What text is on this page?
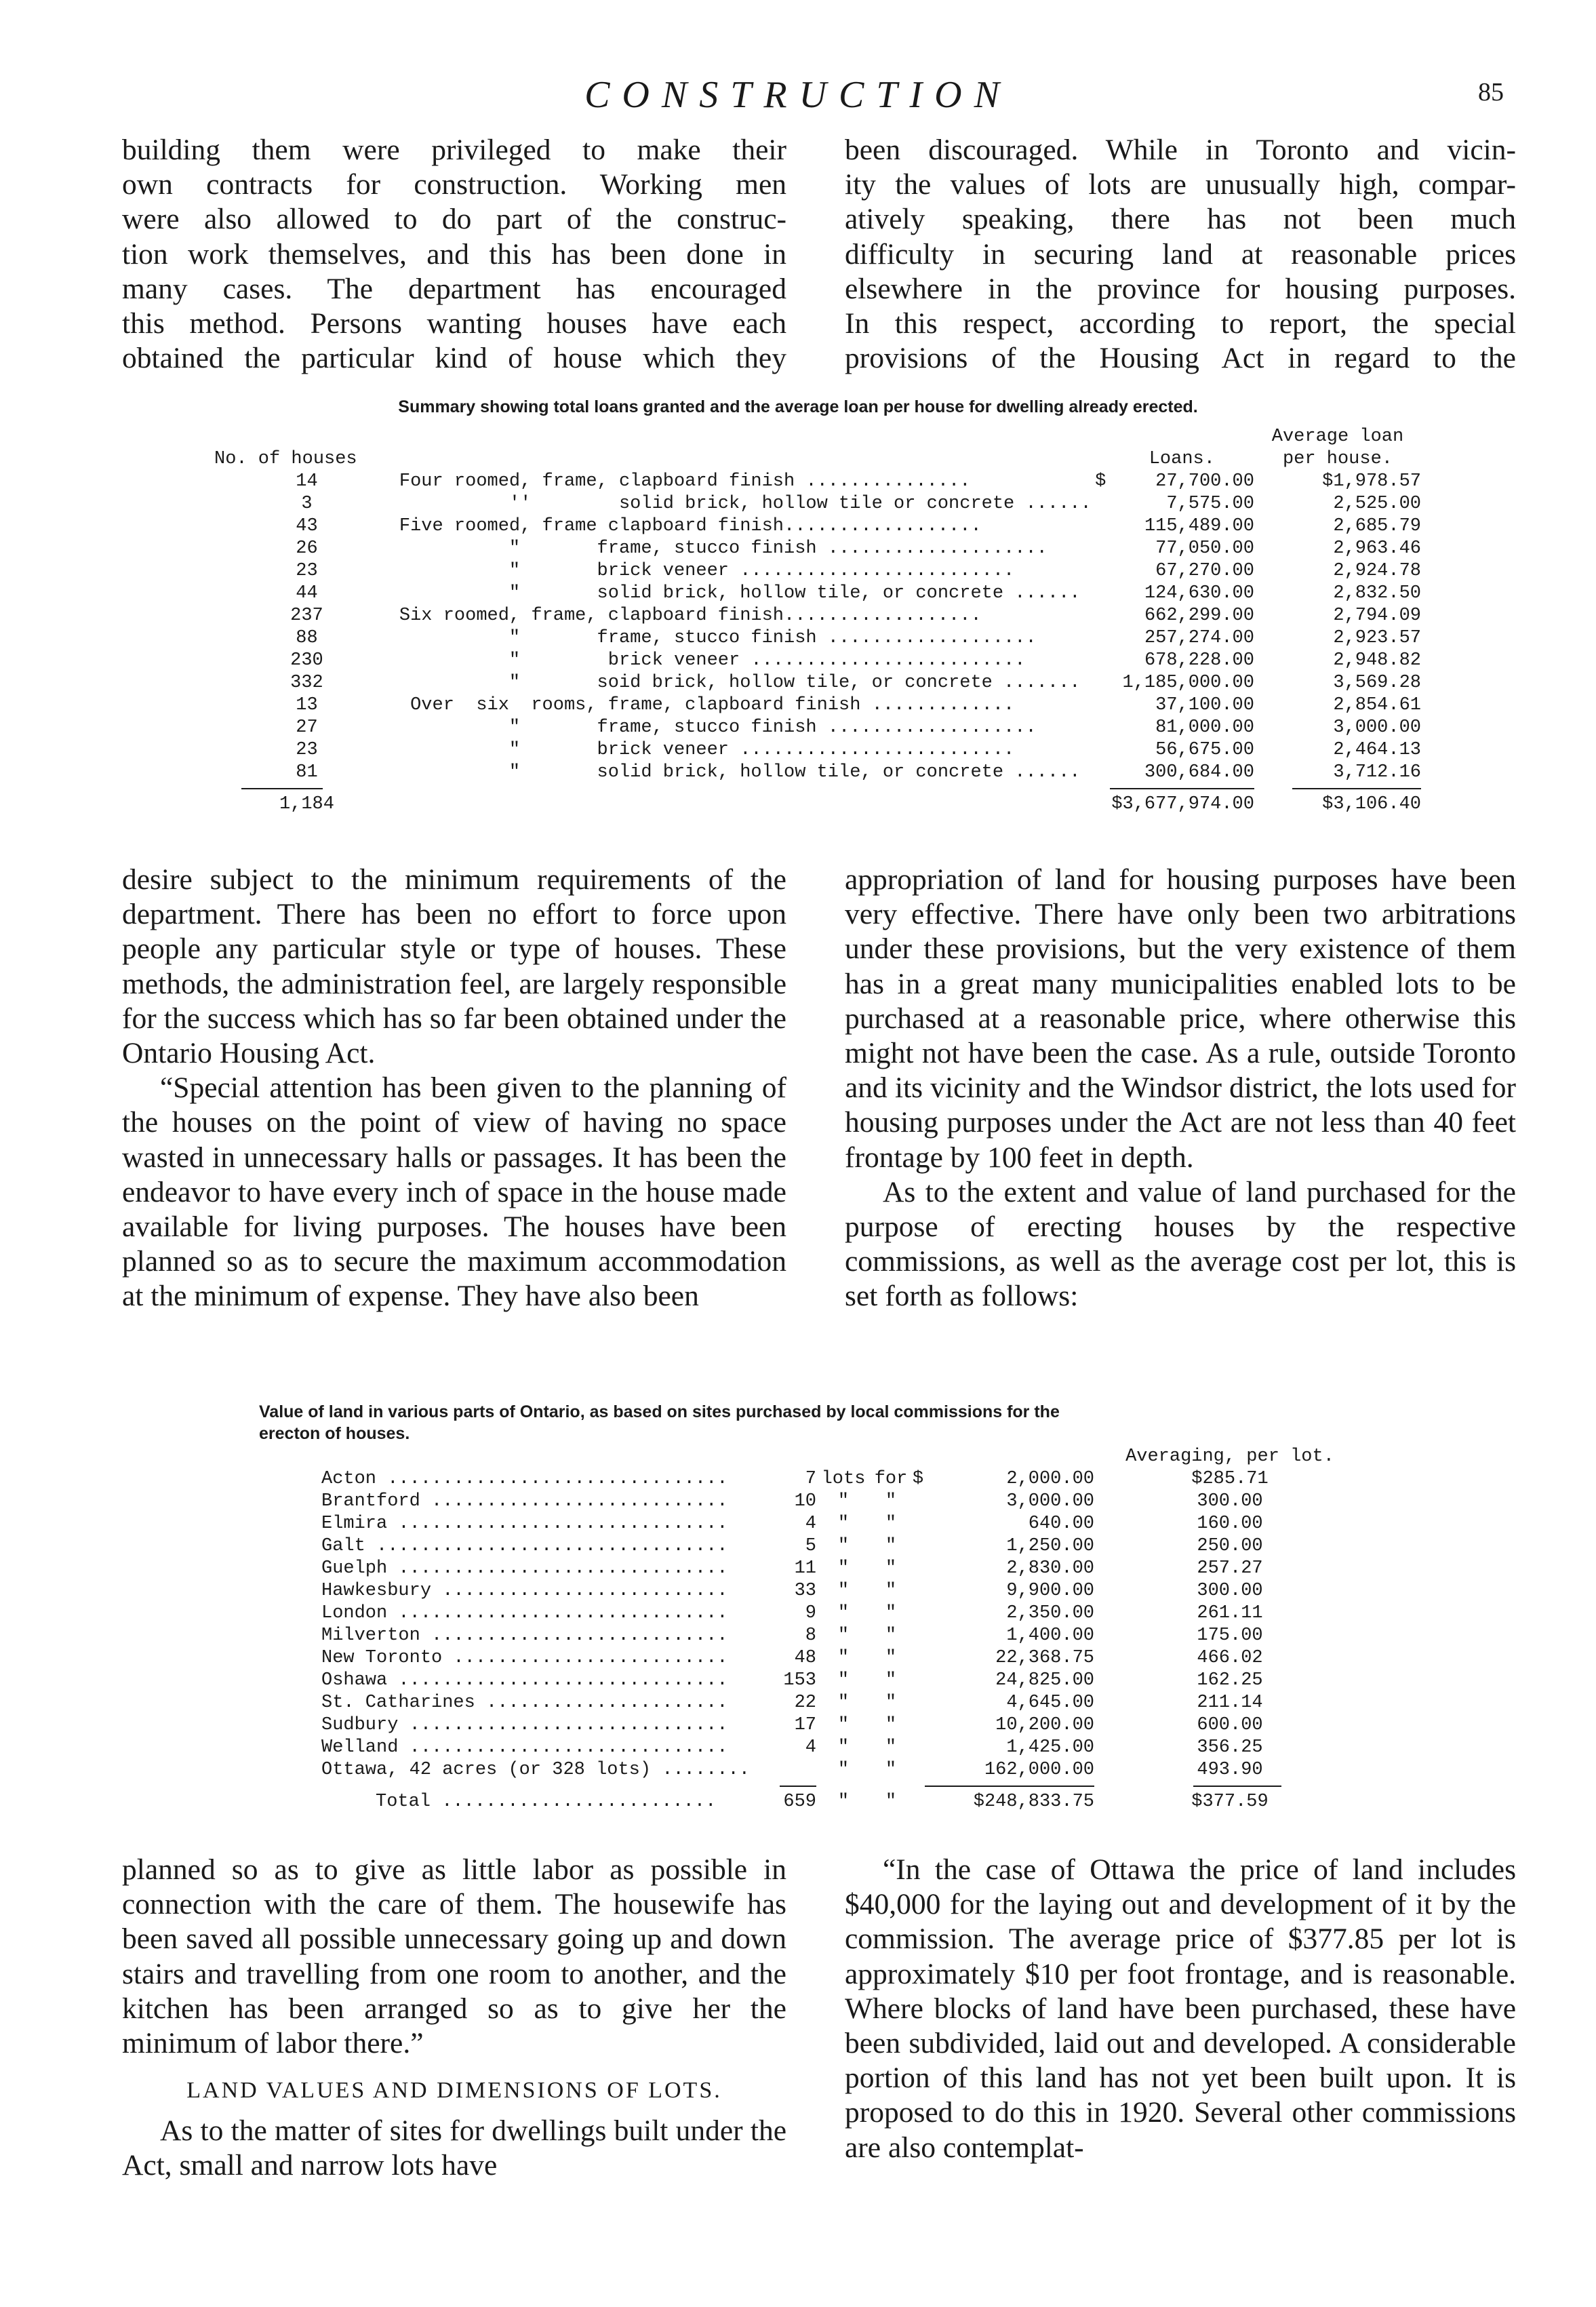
CONSTRUCTION	85
building them were privileged to make their
own contracts for construction. Working men
were also allowed to do part of the construc-
tion work themselves, and this has been done in
many cases. The department has encouraged
this method. Persons wanting houses have each
obtained the particular kind of house which they
been discouraged. While in Toronto and vicin-
ity the values of lots are unusually high, compar-
atively speaking, there has not been much
difficulty in securing land at reasonable prices
elsewhere in the province for housing purposes.
In this respect, according to report, the special
provisions of the Housing Act in regard to the
Summary showing total loans granted and the average loan per house for dwelling already erected.
				Average loan
No. of houses			Loans.	per house.
14	Four roomed, frame, clapboard finish ...............	$	27,700.00	$1,978.57
3	''        solid brick, hollow tile or concrete ......		7,575.00	2,525.00
43	Five roomed, frame clapboard finish..................		115,489.00	2,685.79
26	"       frame, stucco finish ....................		77,050.00	2,963.46
23	"       brick veneer .........................		67,270.00	2,924.78
44	"       solid brick, hollow tile, or concrete ......		124,630.00	2,832.50
237	Six roomed, frame, clapboard finish..................		662,299.00	2,794.09
88	"       frame, stucco finish ...................		257,274.00	2,923.57
230	"        brick veneer .........................		678,228.00	2,948.82
332	"       soid brick, hollow tile, or concrete .......		1,185,000.00	3,569.28
13	Over  six  rooms, frame, clapboard finish .............		37,100.00	2,854.61
27	"       frame, stucco finish ...................		81,000.00	3,000.00
23	"       brick veneer .........................		56,675.00	2,464.13
81	"       solid brick, hollow tile, or concrete ......		300,684.00	3,712.16

1,184			$3,677,974.00	$3,106.40

desire subject to the minimum requirements of the department. There has been no effort to force upon people any particular style or type of houses. These methods, the administration feel, are largely responsible for the success which has so far been obtained under the Ontario Housing Act.

“Special attention has been given to the planning of the houses on the point of view of having no space wasted in unnecessary halls or passages. It has been the endeavor to have every inch of space in the house made available for living purposes. The houses have been planned so as to secure the maximum accommodation at the minimum of expense. They have also been

appropriation of land for housing purposes have been very effective. There have only been two arbitrations under these provisions, but the very existence of them has in a great many municipalities enabled lots to be purchased at a reasonable price, where otherwise this might not have been the case. As a rule, outside Toronto and its vicinity and the Windsor district, the lots used for housing purposes under the Act are not less than 40 feet frontage by 100 feet in depth.

As to the extent and value of land purchased for the purpose of erecting houses by the respective commissions, as well as the average cost per lot, this is set forth as follows:

Value of land in various parts of Ontario, as based on sites purchased by local commissions for the
erecton of houses.
						Averaging, per lot.
Acton ...............................	7	lots	for	$	2,000.00	$285.71
Brantford ...........................	10	"	"		3,000.00	300.00
Elmira ..............................	4	"	"		640.00	160.00
Galt ................................	5	"	"		1,250.00	250.00
Guelph ..............................	11	"	"		2,830.00	257.27
Hawkesbury ..........................	33	"	"		9,900.00	300.00
London ..............................	9	"	"		2,350.00	261.11
Milverton ...........................	8	"	"		1,400.00	175.00
New Toronto .........................	48	"	"		22,368.75	466.02
Oshawa ..............................	153	"	"		24,825.00	162.25
St. Catharines ......................	22	"	"		4,645.00	211.14
Sudbury .............................	17	"	"		10,200.00	600.00
Welland .............................	4	"	"		1,425.00	356.25
Ottawa, 42 acres (or 328 lots) ........		"	"		162,000.00	493.90

Total .........................	659	"	"		$248,833.75	$377.59

planned so as to give as little labor as possible in connection with the care of them. The housewife has been saved all possible unnecessary going up and down stairs and travelling from one room to another, and the kitchen has been arranged so as to give her the minimum of labor there.”

LAND VALUES AND DIMENSIONS OF LOTS.

As to the matter of sites for dwellings built under the Act, small and narrow lots have

“In the case of Ottawa the price of land includes $40,000 for the laying out and development of it by the commission. The average price of $377.85 per lot is approximately $10 per foot frontage, and is reasonable. Where blocks of land have been purchased, these have been subdivided, laid out and developed. A considerable portion of this land has not yet been built upon. It is proposed to do this in 1920. Several other commissions are also contemplat-
